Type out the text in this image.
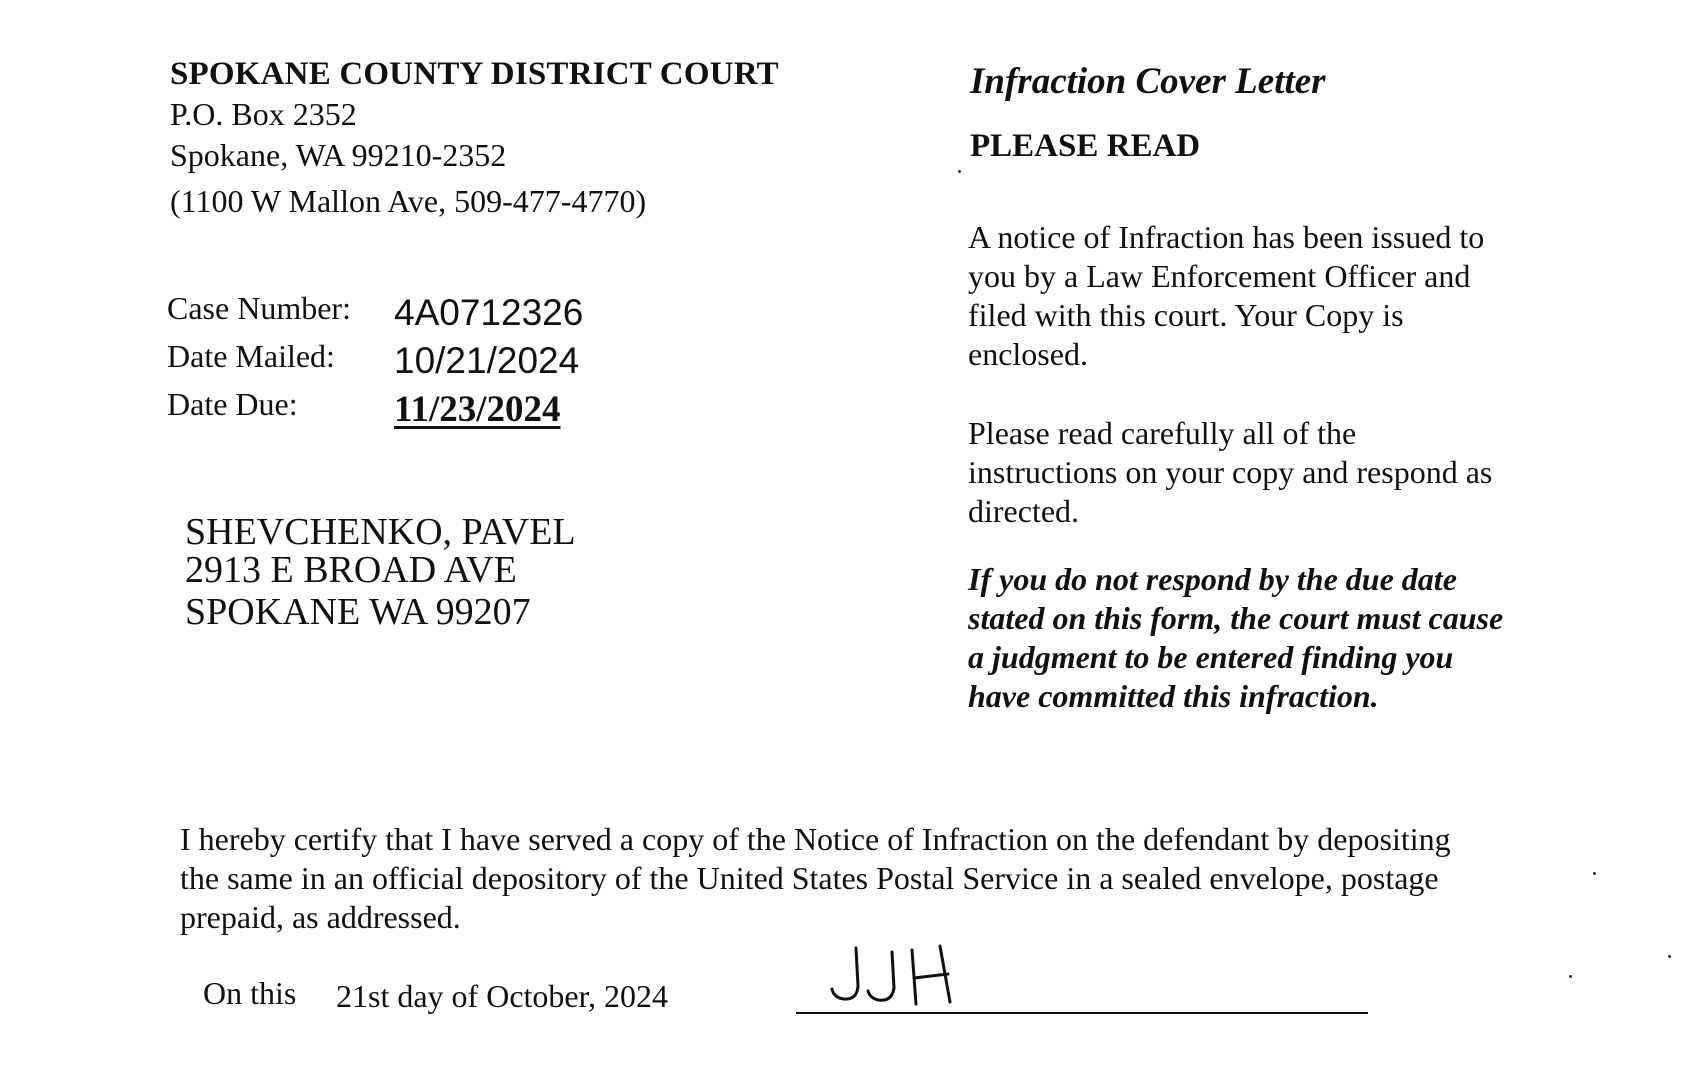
SPOKANE COUNTY DISTRICT COURT
P.O. Box 2352
Spokane, WA 99210-2352
(1100 W Mallon Ave, 509-477-4770)
Case Number: 4A0712326
Date Mailed: 10/21/2024
Date Due:	11/23/2024
SHEVCHENKO, PAVEL
2913 E BROAD AVE
SPOKANE WA 99207
Infraction Cover Letter
PLEASE READ
A notice of Infraction has been issued to you by a Law Enforcement Officer and filed with this court. Your Copy is enclosed.
Please read carefully all of the instructions on your copy and respond as directed.
If you do not respond by the due date stated on this form, the court must cause a judgment to be entered finding you have committed this infraction.
I hereby certify that I have served a copy of the Notice of Infraction on the defendant by depositing the same in an official depository of the United States Postal Service in a sealed envelope, postage prepaid, as addressed.
On this 21st day of October, 2024
